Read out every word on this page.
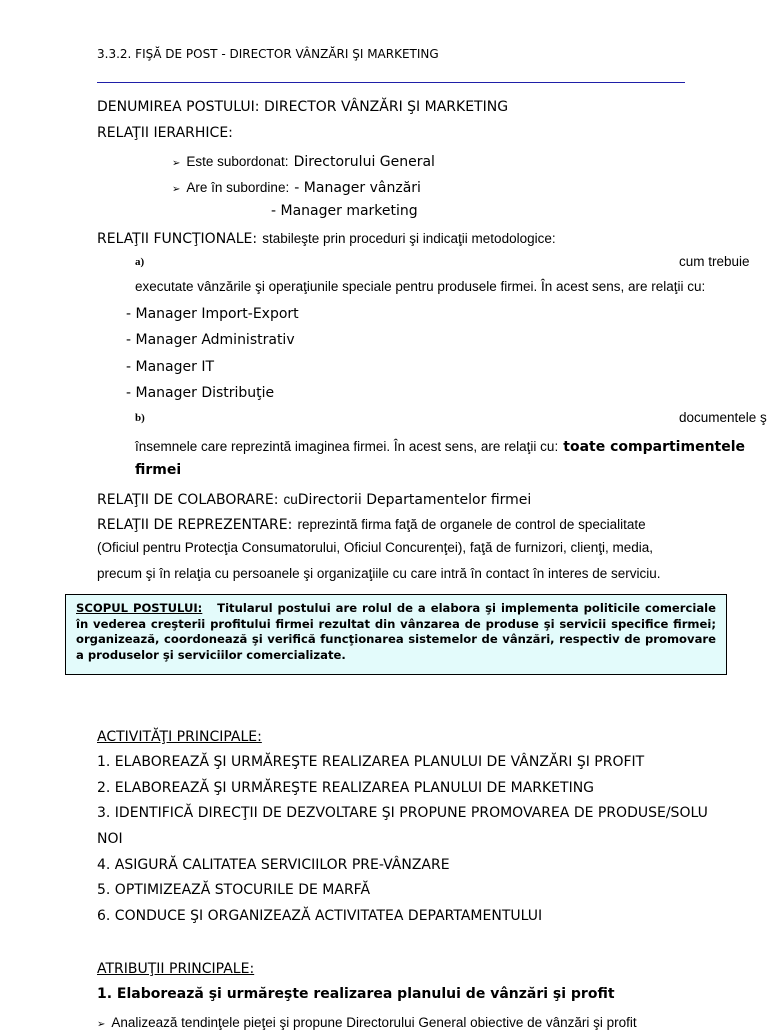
3.3.2. FIŞĂ DE POST - DIRECTOR VÂNZĂRI ŞI MARKETING
DENUMIREA POSTULUI: DIRECTOR VÂNZĂRI ŞI MARKETING
RELAŢII IERARHICE:
➢ Este subordonat: Directorului General
➢ Are în subordine: - Manager vânzări
- Manager marketing
RELAŢII FUNCŢIONALE: stabileşte prin proceduri şi indicaţii metodologice:
a)	cum trebuie
executate vânzările şi operaţiunile speciale pentru produsele firmei. În acest sens, are relaţii cu:
- Manager Import-Export
- Manager Administrativ
- Manager IT
- Manager Distribuţie
b)	documentele ş
însemnele care reprezintă imaginea firmei. În acest sens, are relaţii cu: toate compartimentele
firmei
RELAŢII DE COLABORARE: cuDirectorii Departamentelor firmei
RELAŢII DE REPREZENTARE: reprezintă firma faţă de organele de control de specialitate
(Oficiul pentru Protecţia Consumatorului, Oficiul Concurenţei), faţă de furnizori, clienţi, media,
precum şi în relaţia cu persoanele şi organizaţiile cu care intră în contact în interes de serviciu.
SCOPUL POSTULUI: Titularul postului are rolul de a elabora şi implementa politicile comerciale în vederea creşterii profitului firmei rezultat din vânzarea de produse şi servicii specifice firmei; organizează, coordonează şi verifică funcţionarea sistemelor de vânzări, respectiv de promovare a produselor şi serviciilor comercializate.
ACTIVITĂŢI PRINCIPALE:
1. ELABOREAZĂ ŞI URMĂREŞTE REALIZAREA PLANULUI DE VÂNZĂRI ŞI PROFIT
2. ELABOREAZĂ ŞI URMĂREŞTE REALIZAREA PLANULUI DE MARKETING
3. IDENTIFICĂ DIRECŢII DE DEZVOLTARE ŞI PROPUNE PROMOVAREA DE PRODUSE/SOLU
NOI
4. ASIGURĂ CALITATEA SERVICIILOR PRE-VÂNZARE
5. OPTIMIZEAZĂ STOCURILE DE MARFĂ
6. CONDUCE ŞI ORGANIZEAZĂ ACTIVITATEA DEPARTAMENTULUI
ATRIBUŢII PRINCIPALE:
1. Elaborează şi urmăreşte realizarea planului de vânzări şi profit
➢ Analizează tendinţele pieţei şi propune Directorului General obiective de vânzări şi profit
